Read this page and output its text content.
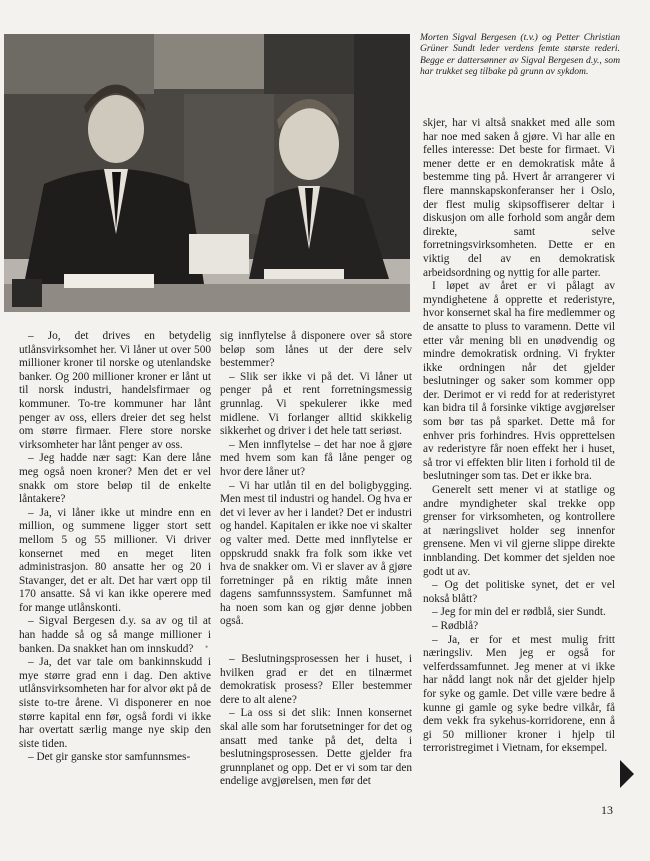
Morten Sigval Bergesen (t.v.) og Petter Christian Grüner Sundt leder verdens femte største rederi. Begge er dattersønner av Sigval Bergesen d.y., som har trukket seg tilbake på grunn av sykdom.

– Jo, det drives en betydelig utlånsvirksomhet her. Vi låner ut over 500 millioner kroner til norske og utenlandske banker. Og 200 millioner kroner er lånt ut til norsk industri, handelsfirmaer og kommuner. To-tre kommuner har lånt penger av oss, ellers dreier det seg helst om større firmaer. Flere store norske virksomheter har lånt penger av oss.

– Jeg hadde nær sagt: Kan dere låne meg også noen kroner? Men det er vel snakk om store beløp til de enkelte låntakere?

– Ja, vi låner ikke ut mindre enn en million, og summene ligger stort sett mellom 5 og 55 millioner. Vi driver konsernet med en meget liten administrasjon. 80 ansatte her og 20 i Stavanger, det er alt. Det har vært opp til 170 ansatte. Så vi kan ikke operere med for mange utlånskonti.

– Sigval Bergesen d.y. sa av og til at han hadde så og så mange millioner i banken. Da snakket han om innskudd?

– Ja, det var tale om bankinnskudd i mye større grad enn i dag. Den aktive utlånsvirksomheten har for alvor økt på de siste to-tre årene. Vi disponerer en noe større kapital enn før, også fordi vi ikke har overtatt særlig mange nye skip den siste tiden.

– Det gir ganske stor samfunnsmes-

sig innflytelse å disponere over så store beløp som lånes ut der dere selv bestemmer?

– Slik ser ikke vi på det. Vi låner ut penger på et rent forretningsmessig grunnlag. Vi spekulerer ikke med midlene. Vi forlanger alltid skikkelig sikkerhet og driver i det hele tatt seriøst.

– Men innflytelse – det har noe å gjøre med hvem som kan få låne penger og hvor dere låner ut?

– Vi har utlån til en del boligbygging. Men mest til industri og handel. Og hva er det vi lever av her i landet? Det er industri og handel. Kapitalen er ikke noe vi skalter og valter med. Dette med innflytelse er oppskrudd snakk fra folk som ikke vet hva de snakker om. Vi er slaver av å gjøre forretninger på en riktig måte innen dagens samfunnssystem. Samfunnet må ha noen som kan og gjør denne jobben også.

•

– Beslutningsprosessen her i huset, i hvilken grad er det en tilnærmet demokratisk prosess? Eller bestemmer dere to alt alene?

– La oss si det slik: Innen konsernet skal alle som har forutsetninger for det og ansatt med tanke på det, delta i beslutningsprosessen. Dette gjelder fra grunnplanet og opp. Det er vi som tar den endelige avgjørelsen, men før det

skjer, har vi altså snakket med alle som har noe med saken å gjøre. Vi har alle en felles interesse: Det beste for firmaet. Vi mener dette er en demokratisk måte å bestemme ting på. Hvert år arrangerer vi flere mannskapskonferanser her i Oslo, der flest mulig skipsoffiserer deltar i diskusjon om alle forhold som angår dem direkte, samt selve forretningsvirksomheten. Dette er en viktig del av en demokratisk arbeidsordning og nyttig for alle parter.

I løpet av året er vi pålagt av myndighetene å opprette et rederistyre, hvor konsernet skal ha fire medlemmer og de ansatte to pluss to varamenn. Dette vil etter vår mening bli en unødvendig og mindre demokratisk ordning. Vi frykter ikke ordningen når det gjelder beslutninger og saker som kommer opp der. Derimot er vi redd for at rederistyret kan bidra til å forsinke viktige avgjørelser som bør tas på sparket. Dette må for enhver pris forhindres. Hvis opprettelsen av rederistyre får noen effekt her i huset, så tror vi effekten blir liten i forhold til de beslutninger som tas. Det er ikke bra.

Generelt sett mener vi at statlige og andre myndigheter skal trekke opp grenser for virksomheten, og kontrollere at næringslivet holder seg innenfor grensene. Men vi vil gjerne slippe direkte innblanding. Det kommer det sjelden noe godt ut av.

– Og det politiske synet, det er vel nokså blått?

– Jeg for min del er rødblå, sier Sundt.

– Rødblå?

– Ja, er for et mest mulig fritt næringsliv. Men jeg er også for velferdssamfunnet. Jeg mener at vi ikke har nådd langt nok når det gjelder hjelp for syke og gamle. Det ville være bedre å kunne gi gamle og syke bedre vilkår, få dem vekk fra sykehus-korridorene, enn å gi 50 millioner kroner i hjelp til terroristregimet i Vietnam, for eksempel.

13
